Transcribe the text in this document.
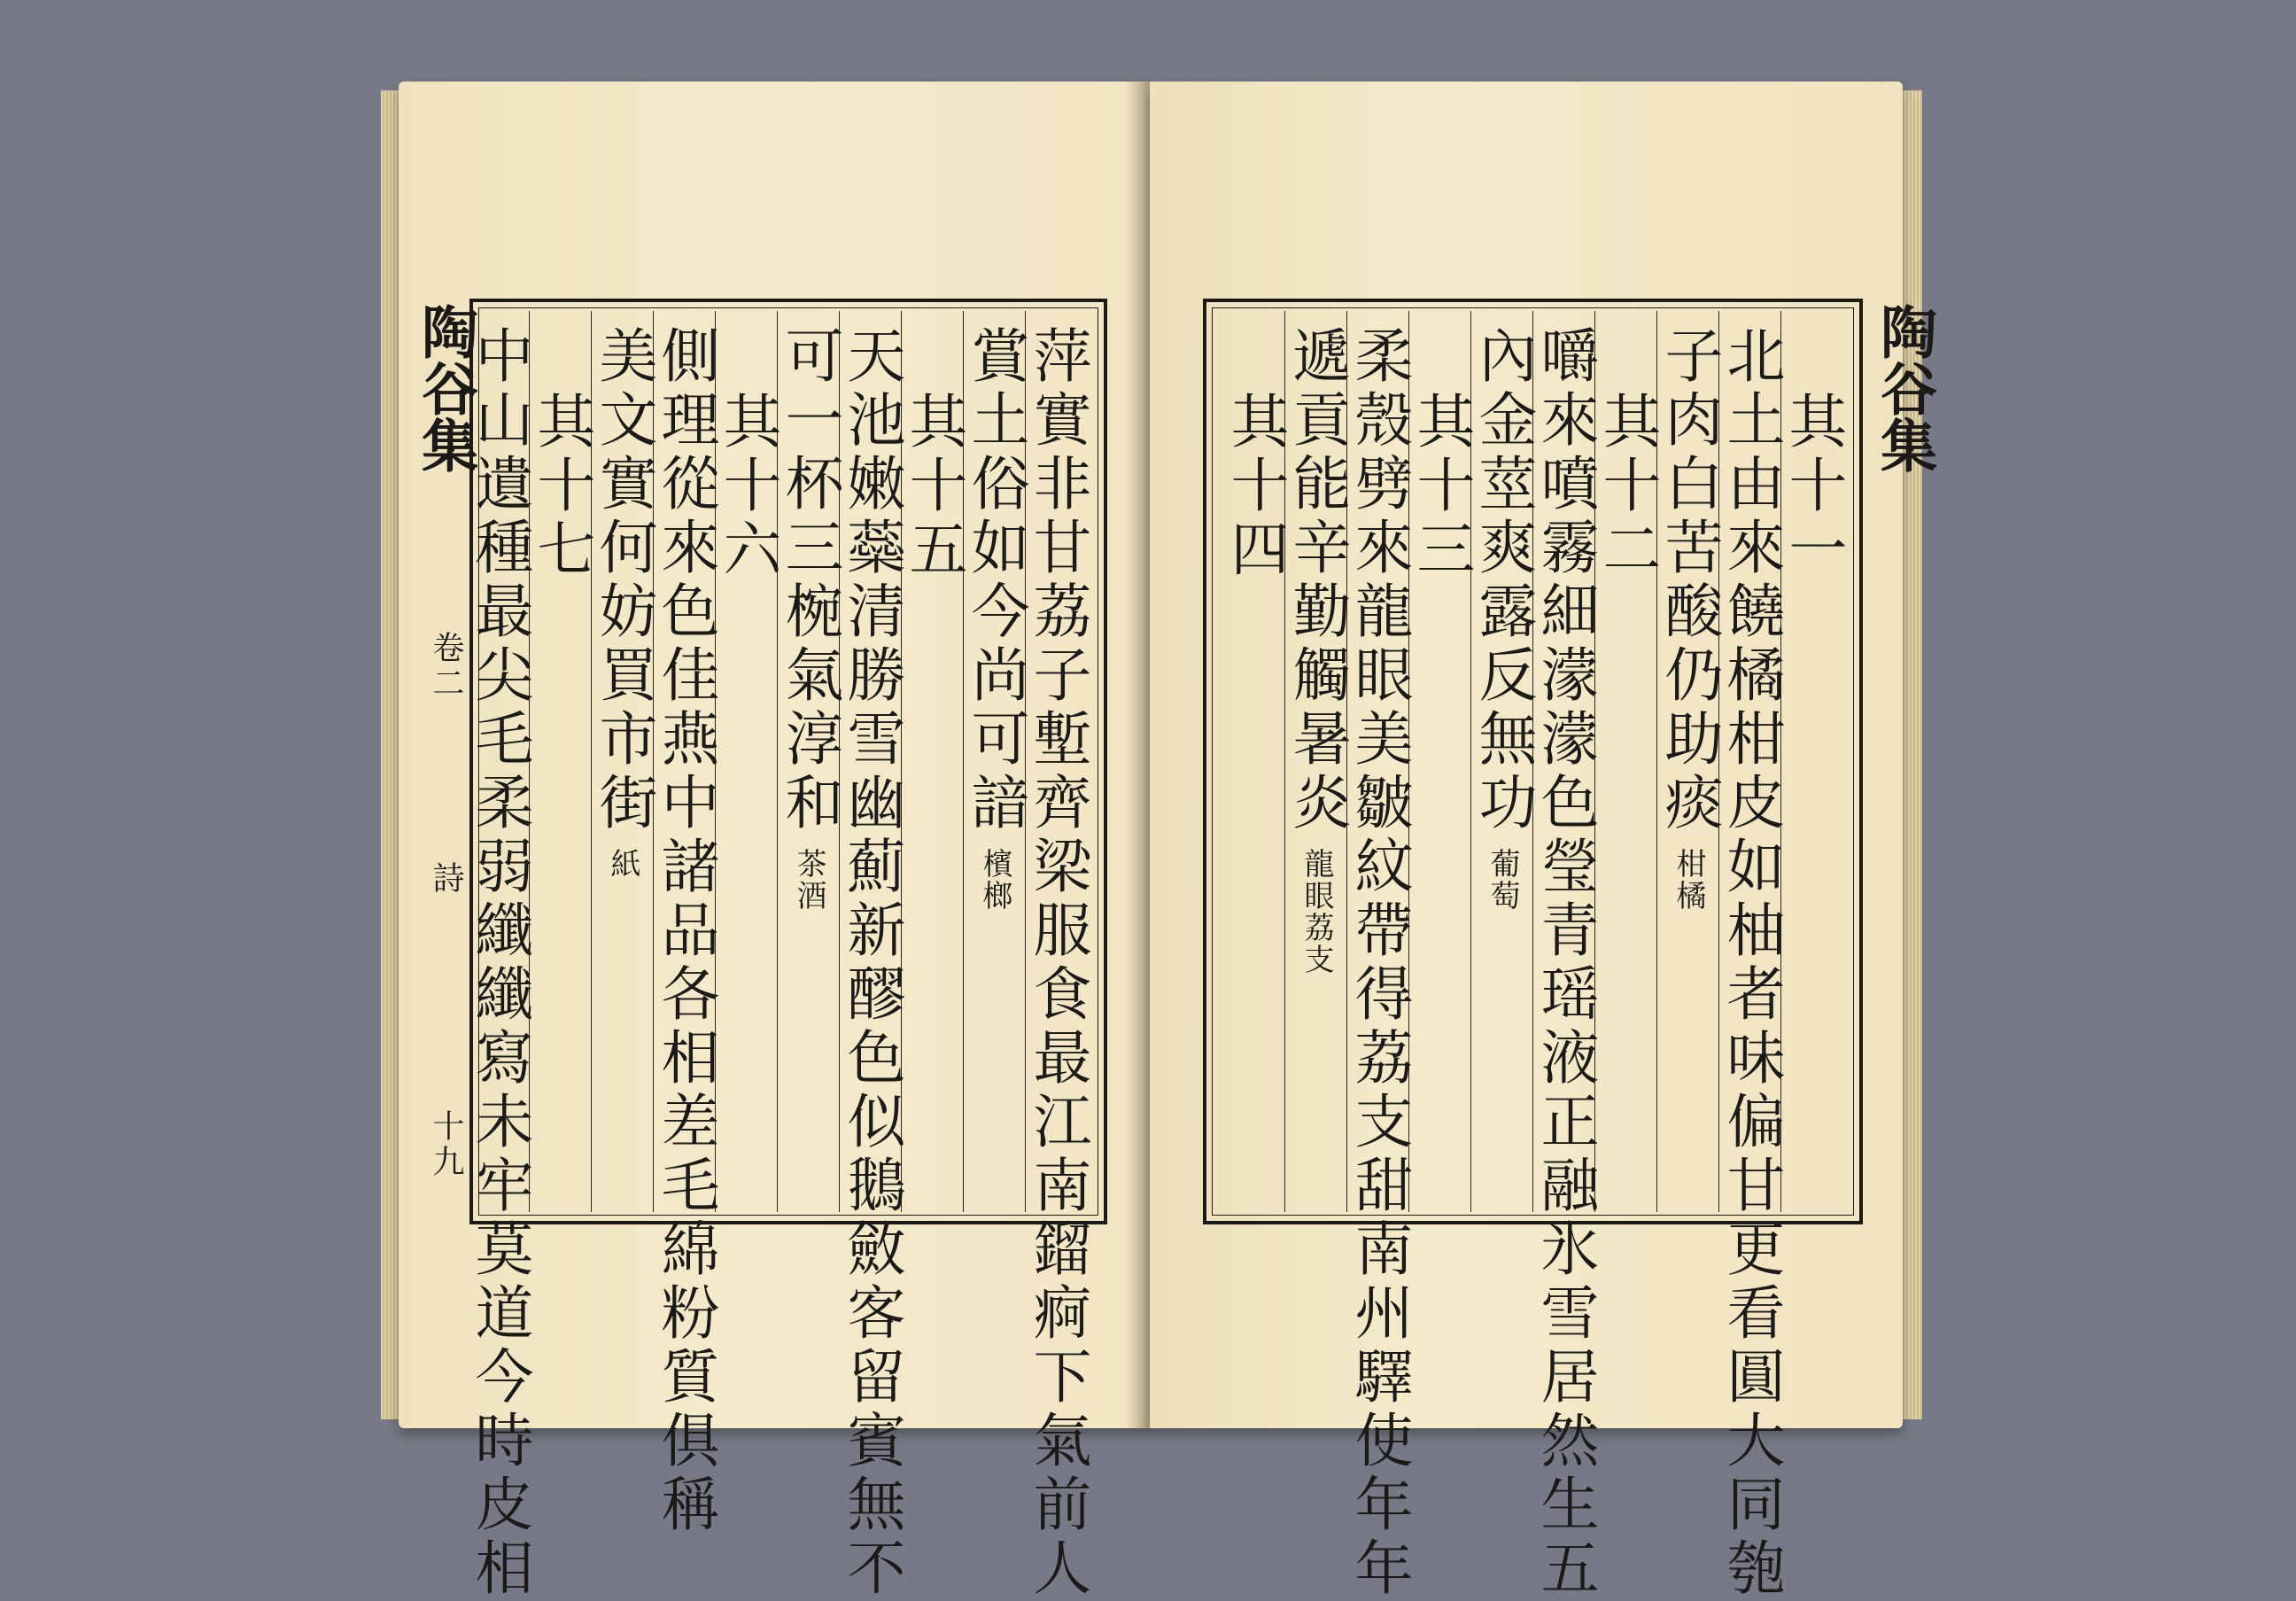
陶谷集
卷二
詩
十九	萍實非甘荔子塹齊梁服食最江南鎦痾下氣前人
賞土俗如今尚可諳檳榔
其十五
天池嫩蘂清勝雪幽薊新醪色似鵝斂客留賓無不
可一杯三椀氣淳和茶酒
其十六
側理從來色佳燕中諸品各相差毛綿粉質俱稱
美文實何妨買市街紙
其十七
中山遺種最尖毛柔弱纖纖寫未牢莫道今時皮相	陶谷集
其十一
北土由來饒橘柑皮如柚者味偏甘更看圓大同匏
子肉白苦酸仍助痰柑橘
其十二
嚼來噴霧細濛濛色瑩青瑶液正融氷雪居然生五
內金莖爽露反無功葡萄
其十三
柔殼劈來龍眼美皺紋帶得荔支甜南州驛使年年
遞貢能辛勤觸暑炎龍眼荔支
其十四
